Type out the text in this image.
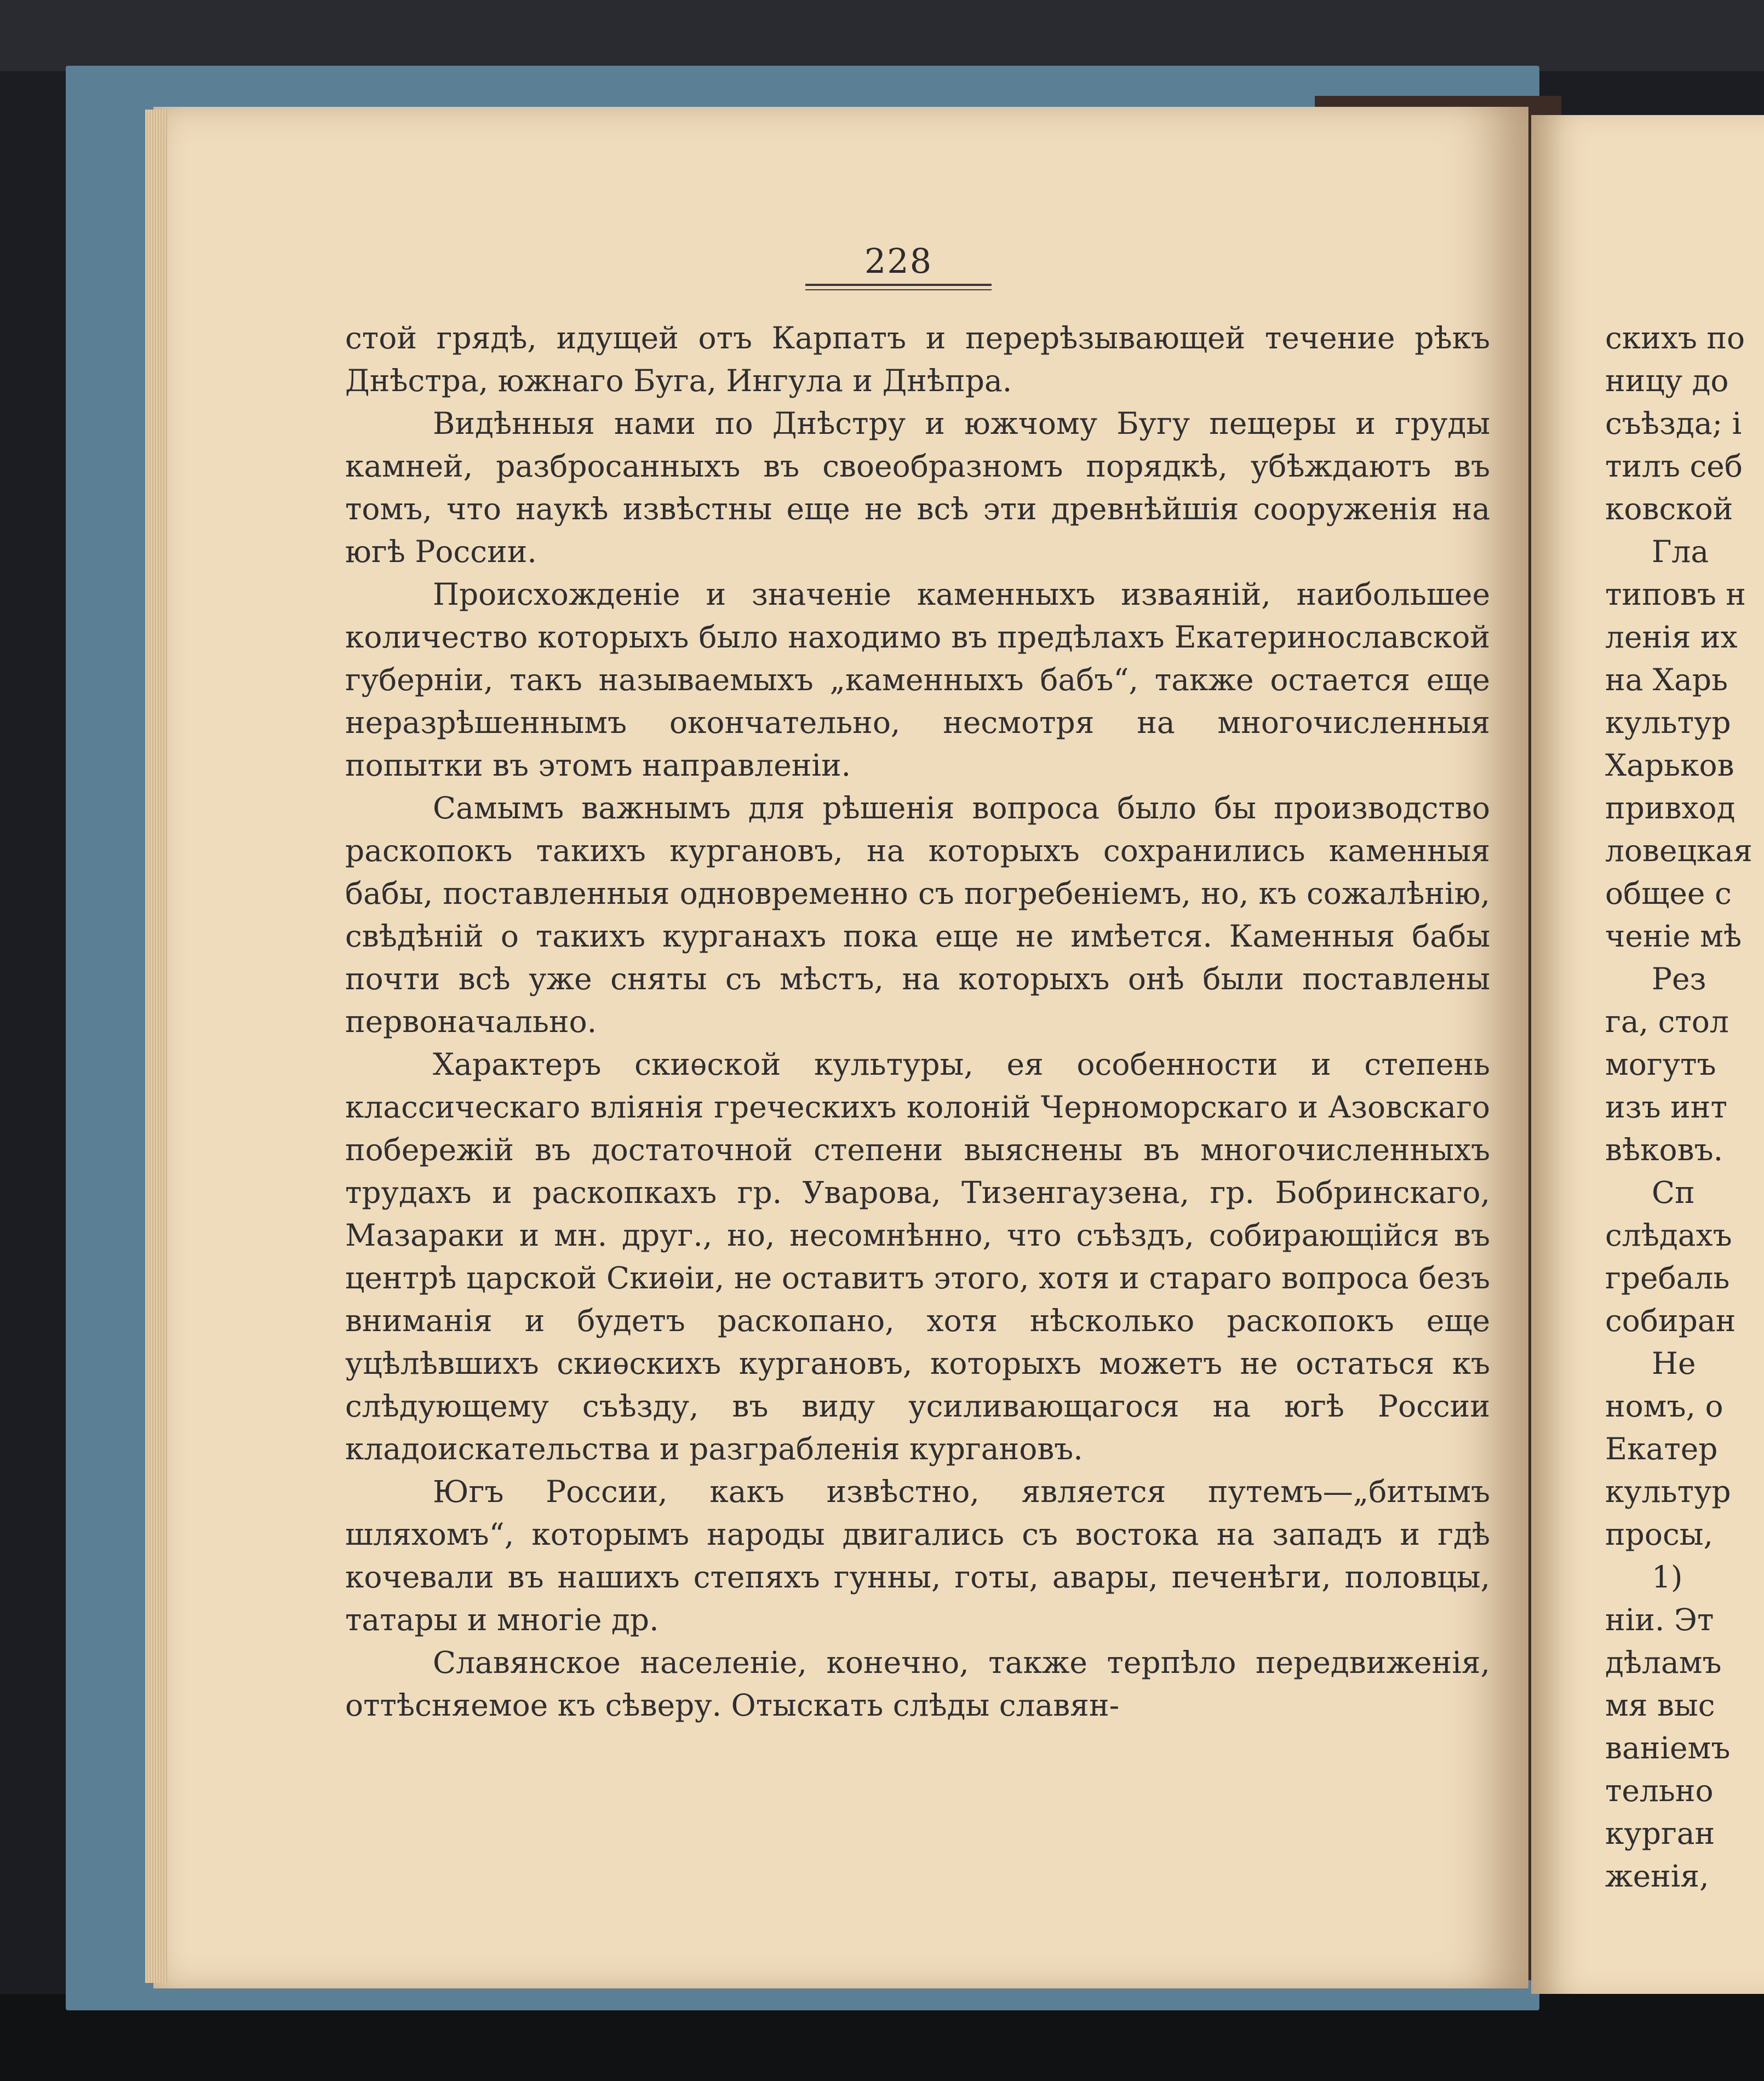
228

стой грядѣ, идущей отъ Карпатъ и перерѣзывающей течение рѣкъ Днѣстра, южнаго Буга, Ингула и Днѣпра.

Видѣнныя нами по Днѣстру и южчому Бугу пещеры и груды камней, разбросанныхъ въ своеобразномъ порядкѣ, убѣждаютъ въ томъ, что наукѣ извѣстны еще не всѣ эти древнѣйшія сооруженія на югѣ России.

Происхожденіе и значеніе каменныхъ изваяній, наибольшее количество которыхъ было находимо въ предѣлахъ Екатеринославской губерніи, такъ называемыхъ „каменныхъ бабъ“, также остается еще неразрѣшеннымъ окончательно, несмотря на многочисленныя попытки въ этомъ направленіи.

Самымъ важнымъ для рѣшенія вопроса было бы производство раскопокъ такихъ кургановъ, на которыхъ сохранились каменныя бабы, поставленныя одновременно съ погребеніемъ, но, къ сожалѣнію, свѣдѣній о такихъ курганахъ пока еще не имѣется. Каменныя бабы почти всѣ уже сняты съ мѣстъ, на которыхъ онѣ были поставлены первоначально.

Характеръ скиѳской культуры, ея особенности и степень классическаго вліянія греческихъ колоній Черноморскаго и Азовскаго побережій въ достаточной степени выяснены въ многочисленныхъ трудахъ и раскопкахъ гр. Уварова, Тизенгаузена, гр. Бобринскаго, Мазараки и мн. друг., но, несомнѣнно, что съѣздъ, собирающійся въ центрѣ царской Скиѳіи, не оставитъ этого, хотя и стараго вопроса безъ вниманія и будетъ раскопано, хотя нѣсколько раскопокъ еще уцѣлѣвшихъ скиѳскихъ кургановъ, которыхъ можетъ не остаться къ слѣдующему съѣзду, въ виду усиливающагося на югѣ России кладоискательства и разграбленія кургановъ.

Югъ России, какъ извѣстно, является путемъ—„битымъ шляхомъ“, которымъ народы двигались съ востока на западъ и гдѣ кочевали въ нашихъ степяхъ гунны, готы, авары, печенѣги, половцы, татары и многіе др.

Славянское населеніе, конечно, также терпѣло передвиженія, оттѣсняемое къ сѣверу. Отыскать слѣды славян-

скихъ по
ницу до
съѣзда; і
тилъ себ
ковской
Гла
типовъ н
ленія их
на Харь
культур
Харьков
привход
ловецкая
общее с
ченіе мѣ
Рез
га, стол
могутъ
изъ инт
вѣковъ.
Сп
слѣдахъ
гребаль
собиран
Не
номъ, о
Екатер
культур
просы,
1)
ніи. Эт
дѣламъ
мя выс
ваніемъ
тельно
курган
женія,
